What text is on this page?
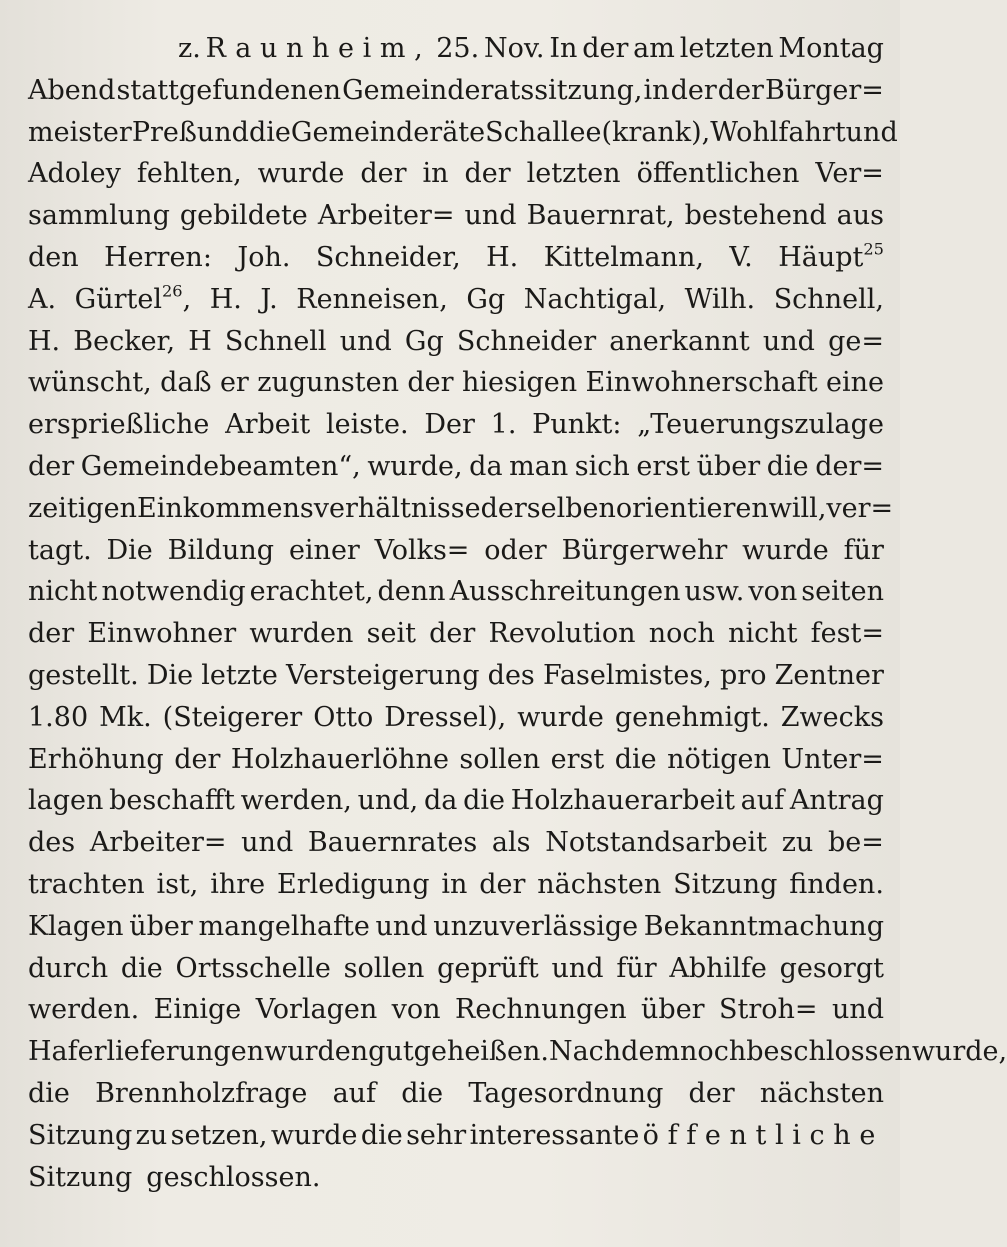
z. Raunheim, 25. Nov. In der am letzten Montag
Abend stattgefundenen Gemeinderatssitzung, in der der Bürger=
meister Preß und die Gemeinderäte Schallee (krank), Wohlfahrt und
Adoley fehlten, wurde der in der letzten öffentlichen Ver=
sammlung gebildete Arbeiter= und Bauernrat, bestehend aus
den Herren: Joh. Schneider, H. Kittelmann, V. Häupt$^{25}$
A. Gürtel$^{26}$, H. J. Renneisen, Gg Nachtigal, Wilh. Schnell,
H. Becker, H Schnell und Gg Schneider anerkannt und ge=
wünscht, daß er zugunsten der hiesigen Einwohnerschaft eine
ersprießliche Arbeit leiste. Der 1. Punkt: „Teuerungszulage
der Gemeindebeamten“, wurde, da man sich erst über die der=
zeitigen Einkommensverhältnisse derselben orientieren will, ver=
tagt. Die Bildung einer Volks= oder Bürgerwehr wurde für
nicht notwendig erachtet, denn Ausschreitungen usw. von seiten
der Einwohner wurden seit der Revolution noch nicht fest=
gestellt. Die letzte Versteigerung des Faselmistes, pro Zentner
1.80 Mk. (Steigerer Otto Dressel), wurde genehmigt. Zwecks
Erhöhung der Holzhauerlöhne sollen erst die nötigen Unter=
lagen beschafft werden, und, da die Holzhauerarbeit auf Antrag
des Arbeiter= und Bauernrates als Notstandsarbeit zu be=
trachten ist, ihre Erledigung in der nächsten Sitzung finden.
Klagen über mangelhafte und unzuverlässige Bekanntmachung
durch die Ortsschelle sollen geprüft und für Abhilfe gesorgt
werden. Einige Vorlagen von Rechnungen über Stroh= und
Haferlieferungen wurden gutgeheißen. Nachdem noch beschlossen wurde,
die Brennholzfrage auf die Tagesordnung der nächsten
Sitzung zu setzen, wurde die sehr interessante öffentliche
Sitzung geschlossen.
